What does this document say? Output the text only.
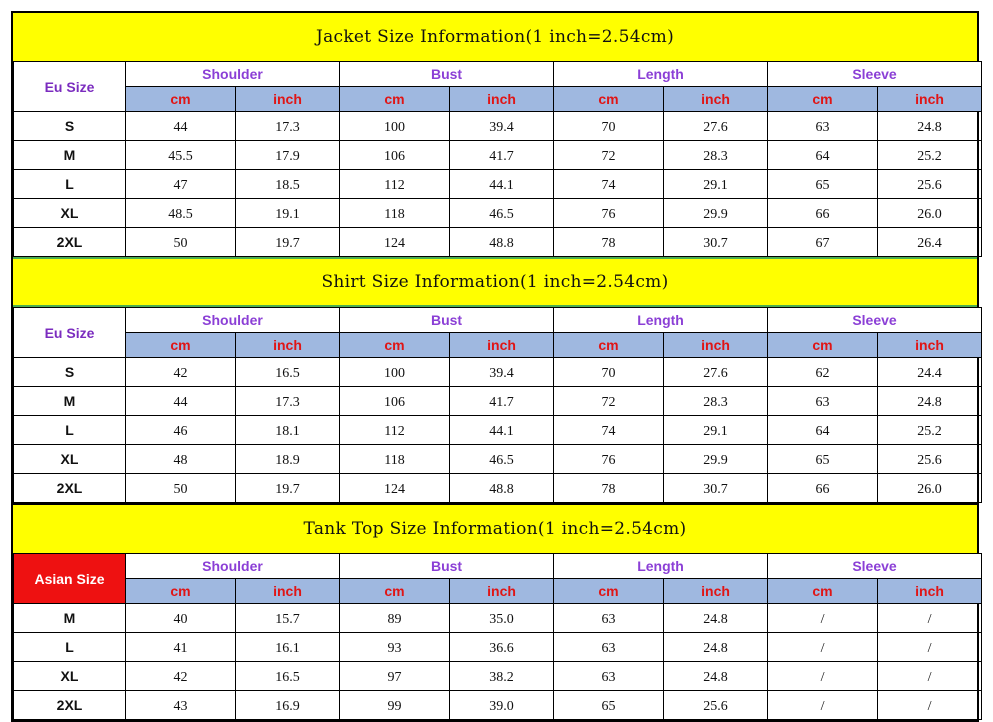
Jacket Size Information(1 inch=2.54cm)
Eu Size	Shoulder		Bust		Length		Sleeve	
	cm	inch	cm	inch	cm	inch	cm	inch
S	44	17.3	100	39.4	70	27.6	63	24.8
M	45.5	17.9	106	41.7	72	28.3	64	25.2
L	47	18.5	112	44.1	74	29.1	65	25.6
XL	48.5	19.1	118	46.5	76	29.9	66	26.0
2XL	50	19.7	124	48.8	78	30.7	67	26.4
Shirt Size Information(1 inch=2.54cm)
Eu Size	Shoulder		Bust		Length		Sleeve	
	cm	inch	cm	inch	cm	inch	cm	inch
S	42	16.5	100	39.4	70	27.6	62	24.4
M	44	17.3	106	41.7	72	28.3	63	24.8
L	46	18.1	112	44.1	74	29.1	64	25.2
XL	48	18.9	118	46.5	76	29.9	65	25.6
2XL	50	19.7	124	48.8	78	30.7	66	26.0
Tank Top Size Information(1 inch=2.54cm)
Asian Size	Shoulder		Bust		Length		Sleeve	
	cm	inch	cm	inch	cm	inch	cm	inch
M	40	15.7	89	35.0	63	24.8	/	/
L	41	16.1	93	36.6	63	24.8	/	/
XL	42	16.5	97	38.2	63	24.8	/	/
2XL	43	16.9	99	39.0	65	25.6	/	/
